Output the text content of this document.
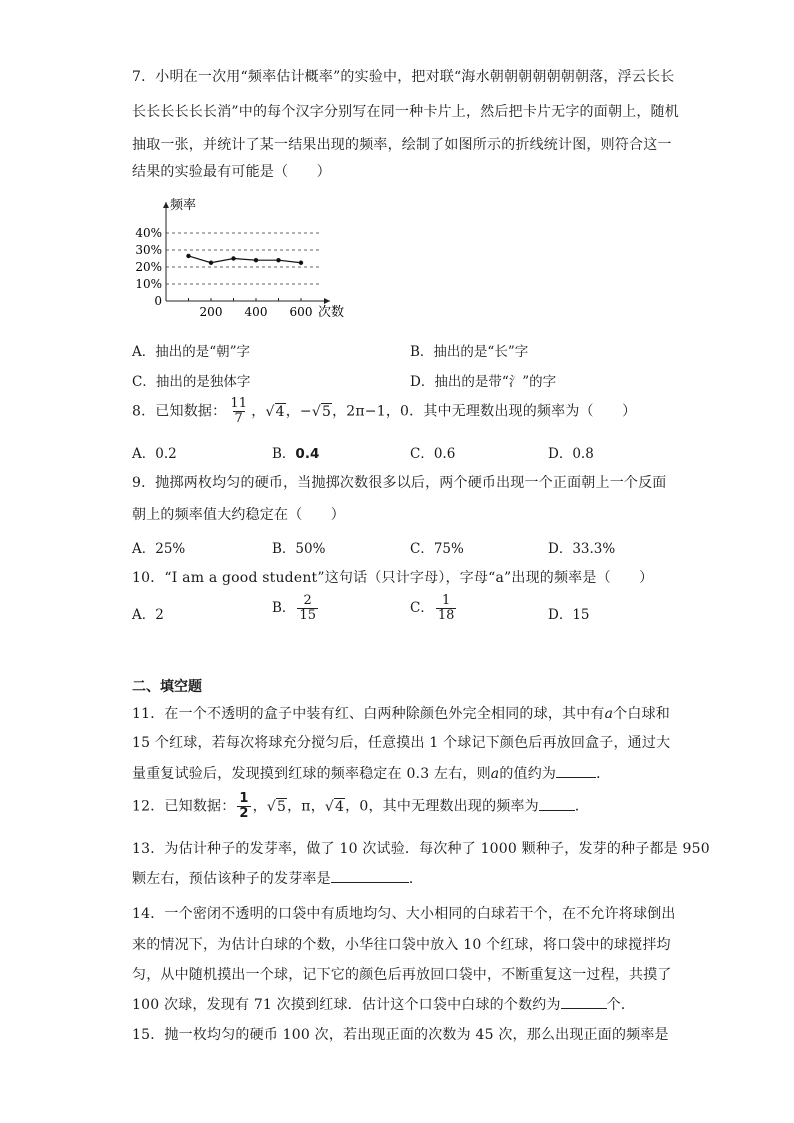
7．小明在一次用“频率估计概率”的实验中，把对联“海水朝朝朝朝朝朝朝落，浮云长长
长长长长长长消”中的每个汉字分别写在同一种卡片上，然后把卡片无字的面朝上，随机
抽取一张，并统计了某一结果出现的频率，绘制了如图所示的折线统计图，则符合这一
结果的实验最有可能是（　　）
40%
30%
20%
10%
0
200 400 600
频率
次数
A．抽出的是“朝”字	B．抽出的是“长”字
C．抽出的是独体字	D．抽出的是带“氵”的字
8．已知数据： $\frac{11}{7}$ ，√4，−√5，2π−1，0．其中无理数出现的频率为（　　）
A．0.2	B．0.4	C．0.6	D．0.8
9．抛掷两枚均匀的硬币，当抛掷次数很多以后，两个硬币出现一个正面朝上一个反面
朝上的频率值大约稳定在（　　）
A．25%	B．50%	C．75%	D．33.3%
10．“I am a good student”这句话（只计字母），字母“a”出现的频率是（　　）
A．2	B． $\frac{2}{15}$	C． $\frac{1}{18}$	D．15
二、填空题
11．在一个不透明的盒子中装有红、白两种除颜色外完全相同的球，其中有a个白球和
15 个红球，若每次将球充分搅匀后，任意摸出 1 个球记下颜色后再放回盒子，通过大
量重复试验后，发现摸到红球的频率稳定在 0.3 左右，则a的值约为	．
12．已知数据： $\frac{1}{2}$ ，√5，π，√4，0，其中无理数出现的频率为	．
13．为估计种子的发芽率，做了 10 次试验．每次种了 1000 颗种子，发芽的种子都是 950
颗左右，预估该种子的发芽率是	．
14．一个密闭不透明的口袋中有质地均匀、大小相同的白球若干个，在不允许将球倒出
来的情况下，为估计白球的个数，小华往口袋中放入 10 个红球，将口袋中的球搅拌均
匀，从中随机摸出一个球，记下它的颜色后再放回口袋中，不断重复这一过程，共摸了
100 次球，发现有 71 次摸到红球．估计这个口袋中白球的个数约为	个．
15．抛一枚均匀的硬币 100 次，若出现正面的次数为 45 次，那么出现正面的频率是
